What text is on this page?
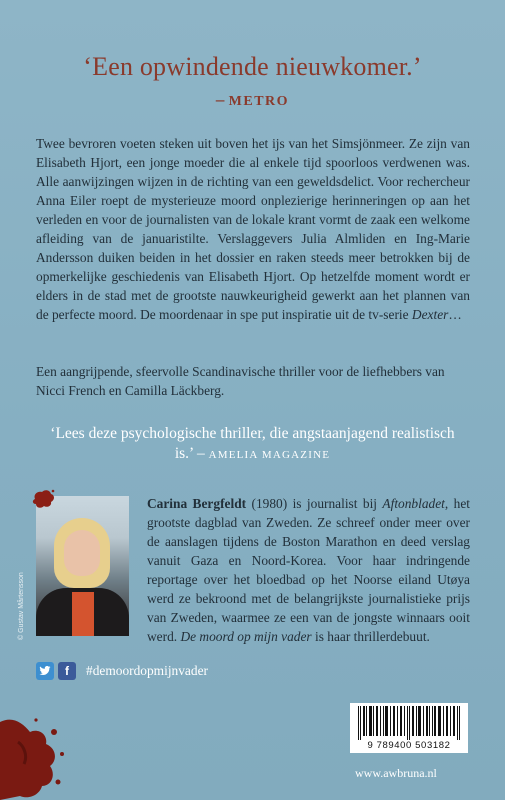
‘Een opwindende nieuwkomer.’
– METRO
Twee bevroren voeten steken uit boven het ijs van het Simsjönmeer. Ze zijn van Elisabeth Hjort, een jonge moeder die al enkele tijd spoorloos verdwenen was. Alle aanwijzingen wijzen in de richting van een geweldsdelict. Voor rechercheur Anna Eiler roept de mysterieuze moord onplezierige herinneringen op aan het verleden en voor de journalisten van de lokale krant vormt de zaak een welkome afleiding van de januaristilte. Verslaggevers Julia Almliden en Ing-Marie Andersson duiken beiden in het dossier en raken steeds meer betrokken bij de opmerkelijke geschiedenis van Elisabeth Hjort. Op hetzelfde moment wordt er elders in de stad met de grootste nauwkeurigheid gewerkt aan het plannen van de perfecte moord. De moordenaar in spe put inspiratie uit de tv-serie Dexter…
Een aangrijpende, sfeervolle Scandinavische thriller voor de liefhebbers van Nicci French en Camilla Läckberg.
‘Lees deze psychologische thriller, die angstaanjagend realistisch is.’ – AMELIA MAGAZINE
© Gustav Mårtensson
Carina Bergfeldt (1980) is journalist bij Aftonbladet, het grootste dagblad van Zweden. Ze schreef onder meer over de aanslagen tijdens de Boston Marathon en deed verslag vanuit Gaza en Noord-Korea. Voor haar indringende reportage over het bloedbad op het Noorse eiland Utøya werd ze bekroond met de belangrijkste journalistieke prijs van Zweden, waarmee ze een van de jongste winnaars ooit werd. De moord op mijn vader is haar thrillerdebuut.
f	#demoordopmijnvader
9 789400 503182
www.awbruna.nl
